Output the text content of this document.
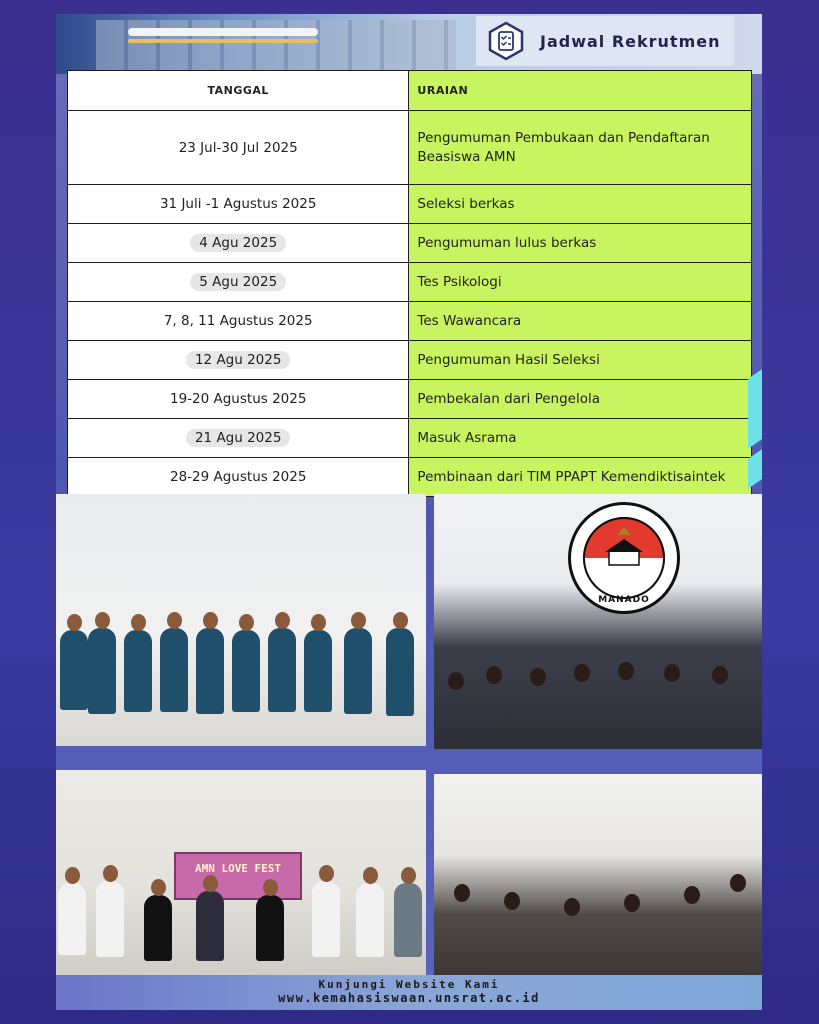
Jadwal Rekrutmen
TANGGAL	URAIAN
23 Jul-30 Jul 2025	Pengumuman Pembukaan dan Pendaftaran Beasiswa AMN
31 Juli -1 Agustus 2025	Seleksi berkas
4 Agu 2025	Pengumuman lulus berkas
5 Agu 2025	Tes Psikologi
7, 8, 11 Agustus 2025	Tes Wawancara
12 Agu 2025	Pengumuman Hasil Seleksi
19-20 Agustus 2025	Pembekalan dari Pengelola
21 Agu 2025	Masuk Asrama
28-29 Agustus 2025	Pembinaan dari TIM PPAPT Kemendiktisaintek
AMN LOVE FEST
MANADO
Kunjungi Website Kami
www.kemahasiswaan.unsrat.ac.id
